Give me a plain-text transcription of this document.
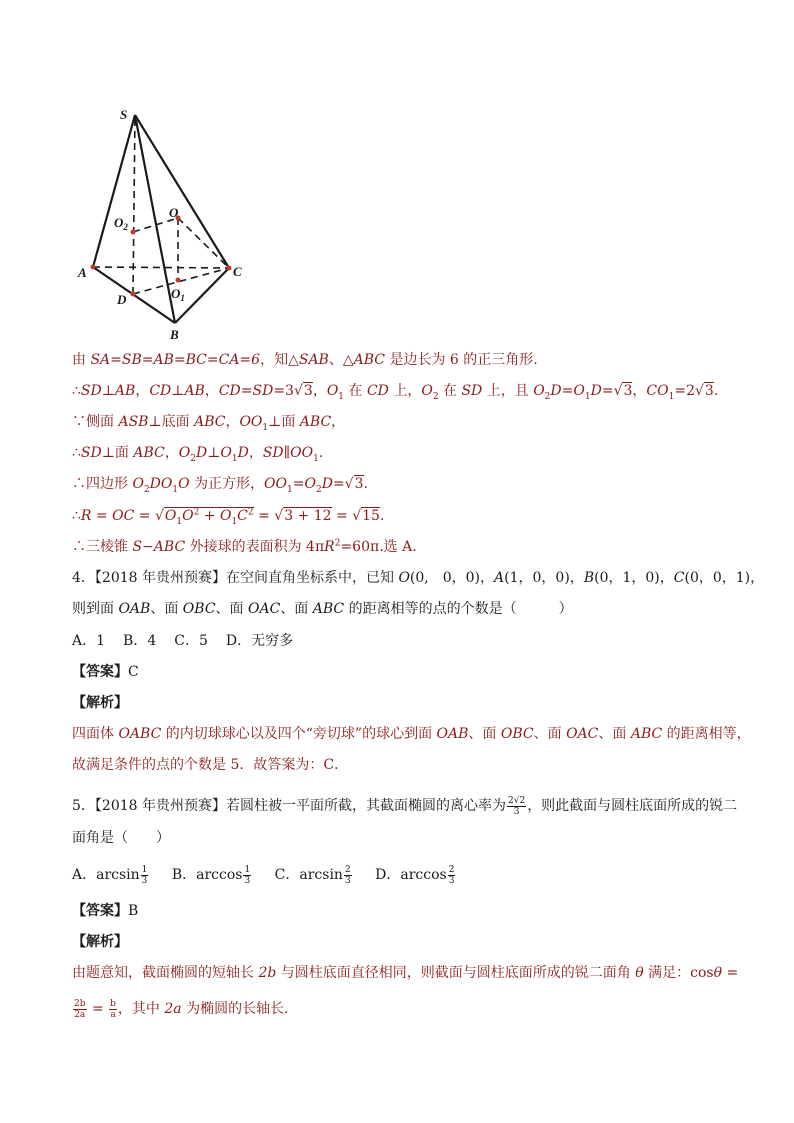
S
O
$O_2$
A	C
D	$O_1$
B
由 SA=SB=AB=BC=CA=6，知△SAB、△ABC 是边长为 6 的正三角形.
∴SD⊥AB，CD⊥AB，CD=SD=3√3，$O_1$ 在 CD 上，$O_2$ 在 SD 上，且 $O_2D=O_1D=√3$，$CO_1=2√3$.
∵侧面 ASB⊥底面 ABC，$OO_1\perp$面 ABC，
∴SD⊥面 ABC，$O_2D\perp O_1D$，$SD\parallel OO_1$.
∴四边形 $O_2DO_1O$ 为正方形，$OO_1=O_2D=√3$.
∴R = OC = $√O_1O^2 + O_1C^2 = √3 + 12 = √15$.
∴三棱锥 S−ABC 外接球的表面积为 $4\pi R^2=60\pi$.选 A.
4．【2018 年贵州预赛】在空间直角坐标系中，已知 O(0,　0，0)，A(1，0，0)，B(0，1，0)，C(0，0，1)，
则到面 OAB、面 OBC、面 OAC、面 ABC 的距离相等的点的个数是（　　　）
A．1 B．4 C．5 D．无穷多
【答案】C
【解析】
四面体 OABC 的内切球球心以及四个“旁切球”的球心到面 OAB、面 OBC、面 OAC、面 ABC 的距离相等，
故满足条件的点的个数是 5．故答案为：C．
5．【2018 年贵州预赛】若圆柱被一平面所截，其截面椭圆的离心率为 $\frac{2√2}{3}$ ，则此截面与圆柱底面所成的锐二
面角是（　　）
A．$\arcsin \frac{1}{3}$ B．$\arccos \frac{1}{3}$ C．$\arcsin \frac{2}{3}$ D．$\arccos \frac{2}{3}$
【答案】B
【解析】
由题意知，截面椭圆的短轴长 2b 与圆柱底面直径相同，则截面与圆柱底面所成的锐二面角 θ 满足：cosθ =
$\frac{2b}{2a} = \frac{b}{a}$ ，其中 2a 为椭圆的长轴长．
